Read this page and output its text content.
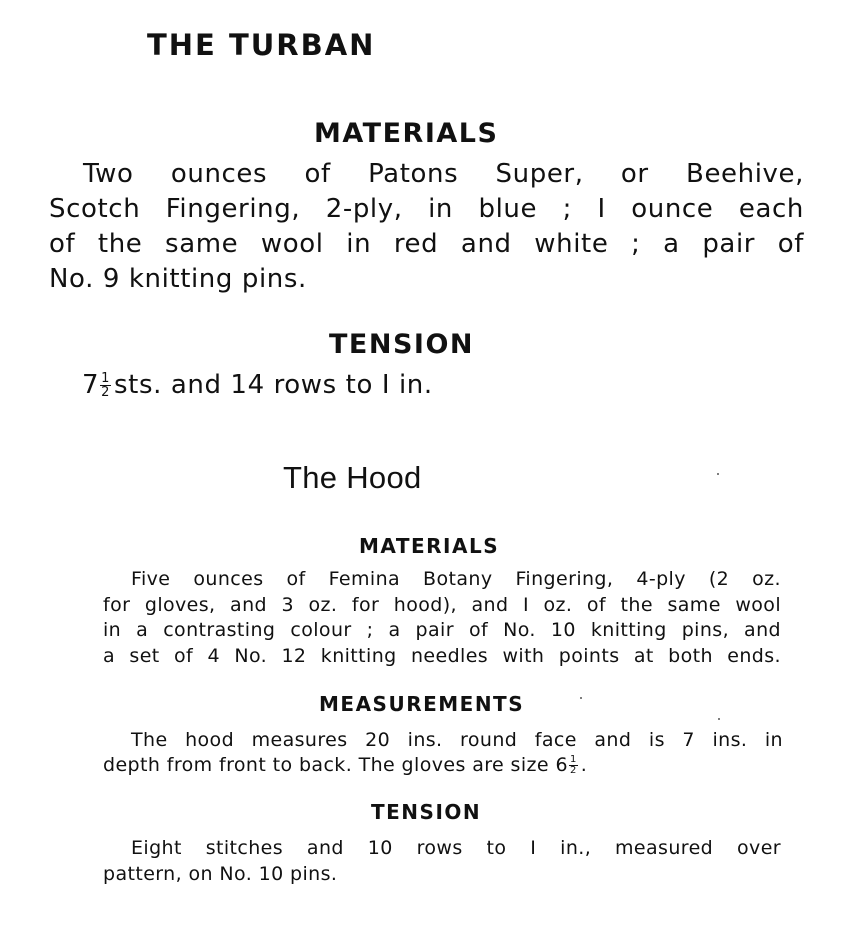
THE TURBAN
MATERIALS
Two ounces of Patons Super, or Beehive,
Scotch Fingering, 2-ply, in blue ; I ounce each
of the same wool in red and white ; a pair of
No. 9 knitting pins.
TENSION
$7 \frac{1}{2}$ sts. and 14 rows to I in.
The Hood
MATERIALS
Five ounces of Femina Botany Fingering, 4-ply (2 oz.
for gloves, and 3 oz. for hood), and I oz. of the same wool
in a contrasting colour ; a pair of No. 10 knitting pins, and
a set of 4 No. 12 knitting needles with points at both ends.
MEASUREMENTS
The hood measures 20 ins. round face and is 7 ins. in
depth from front to back. The gloves are size $6 \frac{1}{2}$ .
TENSION
Eight stitches and 10 rows to I in., measured over
pattern, on No. 10 pins.
